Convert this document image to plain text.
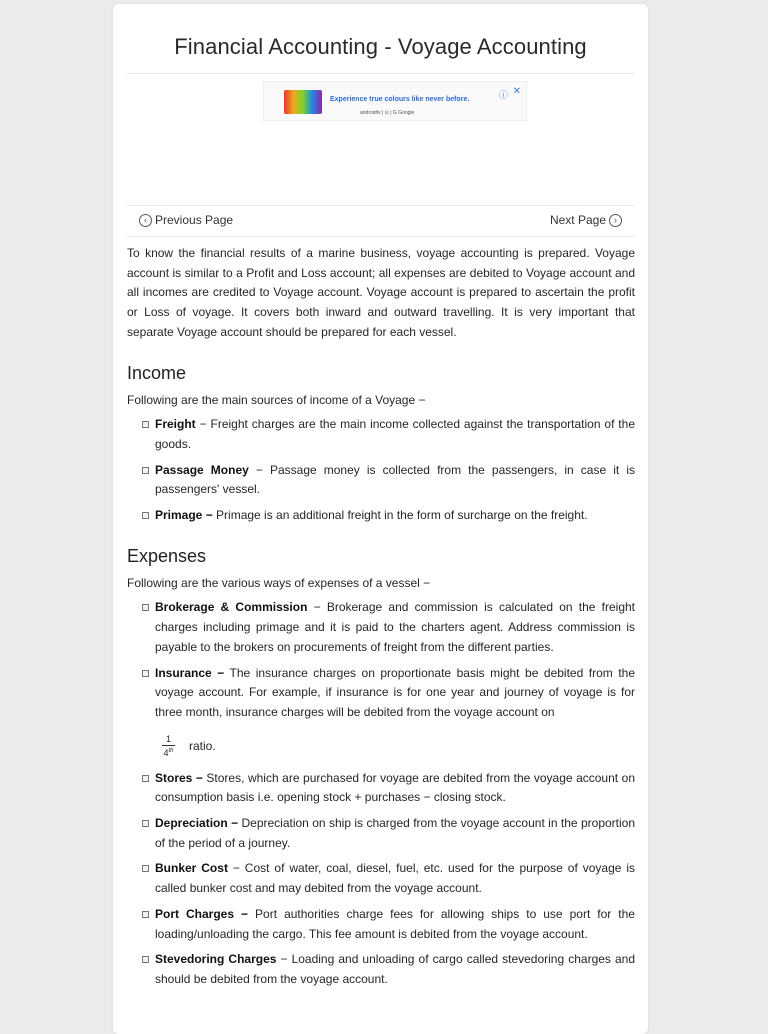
Financial Accounting - Voyage Accounting
Experience true colours like never before.
androidtv | ⊙ | G Google
ⓘ ✕
‹ Previous Page	Next Page ›

To know the financial results of a marine business, voyage accounting is prepared. Voyage account is similar to a Profit and Loss account; all expenses are debited to Voyage account and all incomes are credited to Voyage account. Voyage account is prepared to ascertain the profit or Loss of voyage. It covers both inward and outward travelling. It is very important that separate Voyage account should be prepared for each vessel.

Income

Following are the main sources of income of a Voyage −

Freight − Freight charges are the main income collected against the transportation of the goods.
Passage Money − Passage money is collected from the passengers, in case it is passengers' vessel.
Primage − Primage is an additional freight in the form of surcharge on the freight.
Expenses

Following are the various ways of expenses of a vessel −

Brokerage & Commission − Brokerage and commission is calculated on the freight charges including primage and it is paid to the charters agent. Address commission is payable to the brokers on procurements of freight from the different parties.
Insurance − The insurance charges on proportionate basis might be debited from the voyage account. For example, if insurance is for one year and journey of voyage is for three month, insurance charges will be debited from the voyage account on
$\frac{1}{4^{th}}$ ratio.
Stores − Stores, which are purchased for voyage are debited from the voyage account on consumption basis i.e. opening stock + purchases − closing stock.
Depreciation − Depreciation on ship is charged from the voyage account in the proportion of the period of a journey.
Bunker Cost − Cost of water, coal, diesel, fuel, etc. used for the purpose of voyage is called bunker cost and may debited from the voyage account.
Port Charges − Port authorities charge fees for allowing ships to use port for the loading/unloading the cargo. This fee amount is debited from the voyage account.
Stevedoring Charges − Loading and unloading of cargo called stevedoring charges and should be debited from the voyage account.
